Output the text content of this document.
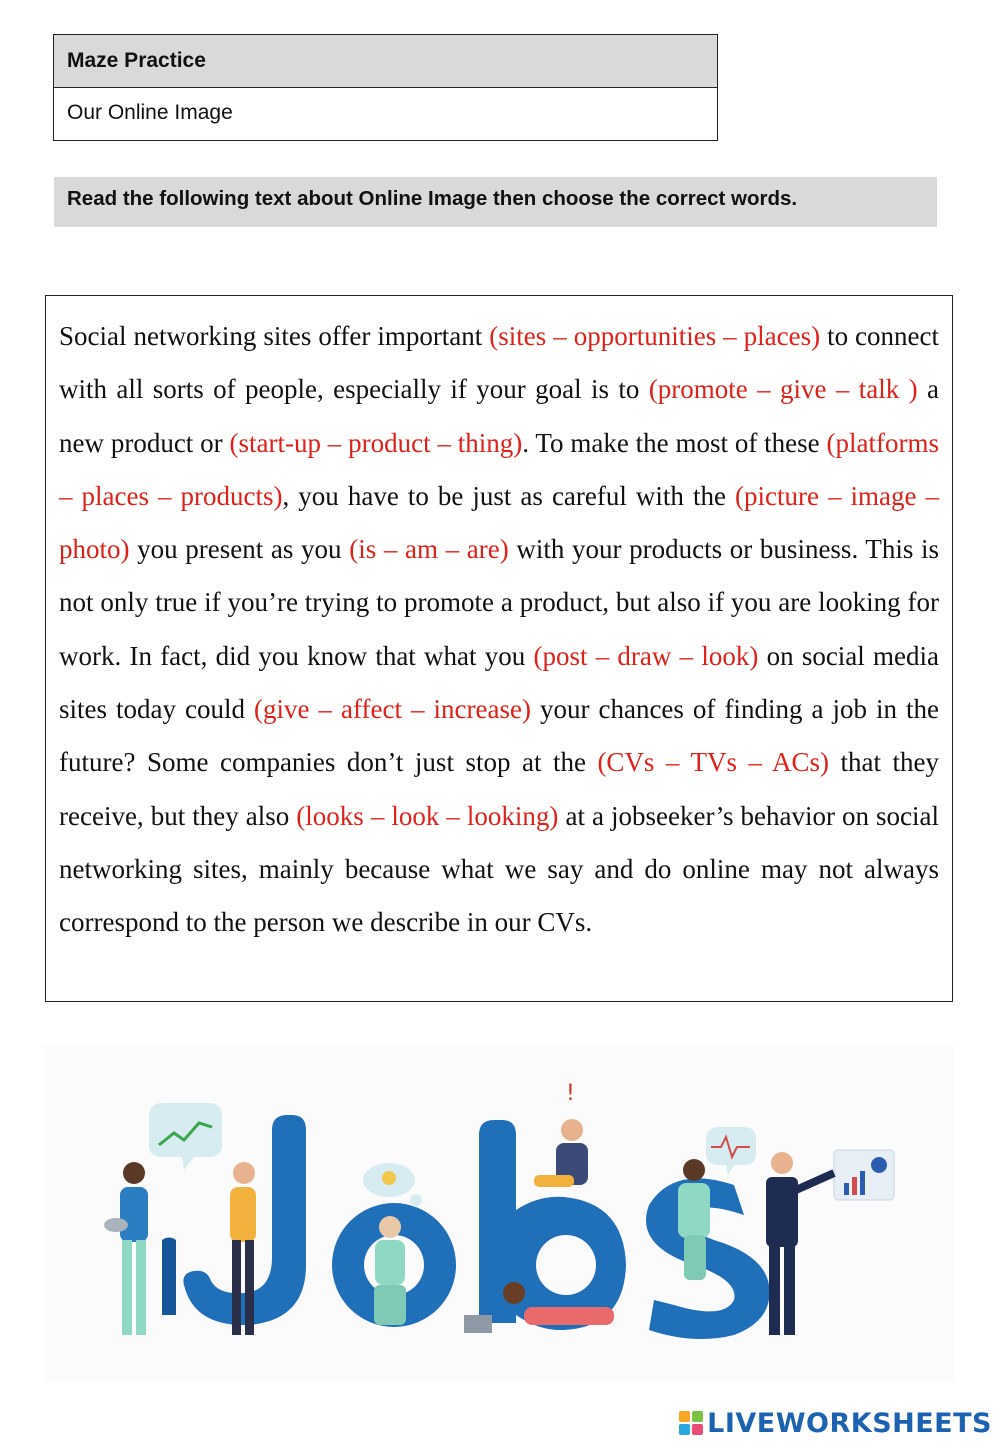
Maze Practice
Our Online Image
Read the following text about Online Image then choose the correct words.

Social networking sites offer important (sites – opportunities – places) to connect with all sorts of people, especially if your goal is to (promote – give – talk ) a new product or (start-up – product – thing). To make the most of these (platforms – places – products), you have to be just as careful with the (picture – image – photo) you present as you (is – am – are) with your products or business. This is not only true if you’re trying to promote a product, but also if you are looking for work. In fact, did you know that what you (post – draw – look) on social media sites today could (give – affect – increase) your chances of finding a job in the future? Some companies don’t just stop at the (CVs – TVs – ACs) that they receive, but they also (looks – look – looking) at a jobseeker’s behavior on social networking sites, mainly because what we say and do online may not always correspond to the person we describe in our CVs.

!
LIVEWORKSHEETS
